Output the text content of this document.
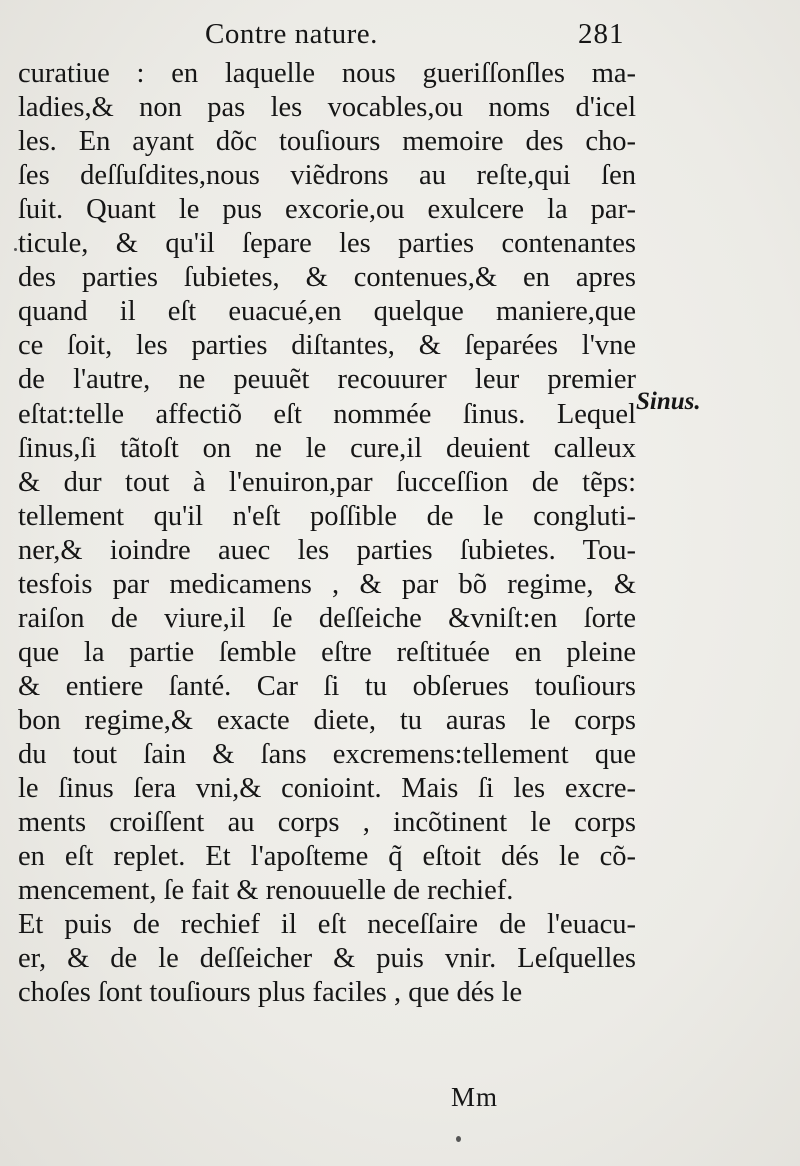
Contre nature.	281
curatiue : en laquelle nous gueriſſonſles ma-
ladies,& non pas les vocables,ou noms d'icel
les. En ayant dõc touſiours memoire des cho-
ſes deſſuſdites,nous viẽdrons au reſte,qui ſen
ſuit. Quant le pus excorie,ou exulcere la par-
ticule, & qu'il ſepare les parties contenantes
des parties ſubietes, & contenues,& en apres
quand il eſt euacué,en quelque maniere,que
ce ſoit, les parties diſtantes, & ſeparées l'vne
de l'autre, ne peuuẽt recouurer leur premier
eſtat:telle affectiõ eſt nommée ſinus. Lequel
ſinus,ſi tãtoſt on ne le cure,il deuient calleux
& dur tout à l'enuiron,par ſucceſſion de tẽps:
tellement qu'il n'eſt poſſible de le congluti-
ner,& ioindre auec les parties ſubietes. Tou-
tesfois par medicamens , & par bõ regime, &
raiſon de viure,il ſe deſſeiche &vniſt:en ſorte
que la partie ſemble eſtre reſtituée en pleine
& entiere ſanté. Car ſi tu obſerues touſiours
bon regime,& exacte diete, tu auras le corps
du tout ſain & ſans excremens:tellement que
le ſinus ſera vni,& conioint. Mais ſi les excre-
ments croiſſent au corps , incõtinent le corps
en eſt replet. Et l'apoſteme q̃ eſtoit dés le cõ-
mencement, ſe fait & renouuelle de rechief.
Et puis de rechief il eſt neceſſaire de l'euacu-
er, & de le deſſeicher & puis vnir. Leſquelles
choſes ſont touſiours plus faciles , que dés le
Sinus.
Mm
